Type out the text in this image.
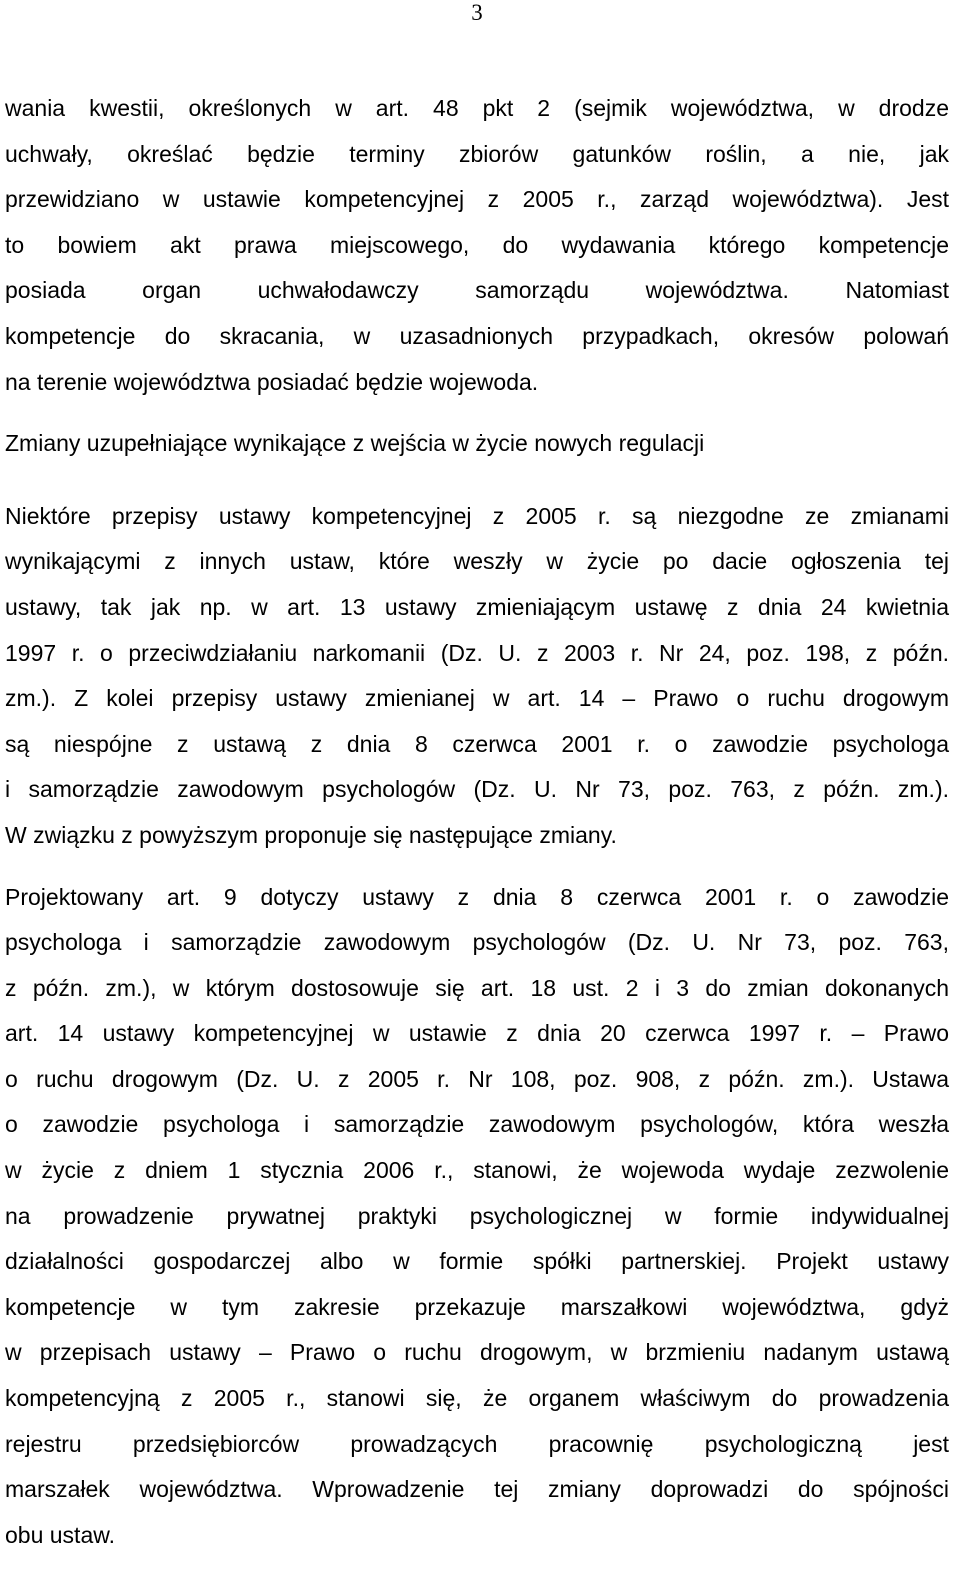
3
wania kwestii, określonych w art. 48 pkt 2 (sejmik województwa, w drodze
uchwały, określać będzie terminy zbiorów gatunków roślin, a nie, jak
przewidziano w ustawie kompetencyjnej z 2005 r., zarząd województwa). Jest
to bowiem akt prawa miejscowego, do wydawania którego kompetencje
posiada organ uchwałodawczy samorządu województwa. Natomiast
kompetencje do skracania, w uzasadnionych przypadkach, okresów polowań
na terenie województwa posiadać będzie wojewoda.
Zmiany uzupełniające wynikające z wejścia w życie nowych regulacji
Niektóre przepisy ustawy kompetencyjnej z 2005 r. są niezgodne ze zmianami
wynikającymi z innych ustaw, które weszły w życie po dacie ogłoszenia tej
ustawy, tak jak np. w art. 13 ustawy zmieniającym ustawę z dnia 24 kwietnia
1997 r. o przeciwdziałaniu narkomanii (Dz. U. z 2003 r. Nr 24, poz. 198, z późn.
zm.). Z kolei przepisy ustawy zmienianej w art. 14 – Prawo o ruchu drogowym
są niespójne z ustawą z dnia 8 czerwca 2001 r. o zawodzie psychologa
i samorządzie zawodowym psychologów (Dz. U. Nr 73, poz. 763, z późn. zm.).
W związku z powyższym proponuje się następujące zmiany.
Projektowany art. 9 dotyczy ustawy z dnia 8 czerwca 2001 r. o zawodzie
psychologa i samorządzie zawodowym psychologów (Dz. U. Nr 73, poz. 763,
z późn. zm.), w którym dostosowuje się art. 18 ust. 2 i 3 do zmian dokonanych
art. 14 ustawy kompetencyjnej w ustawie z dnia 20 czerwca 1997 r. – Prawo
o ruchu drogowym (Dz. U. z 2005 r. Nr 108, poz. 908, z późn. zm.). Ustawa
o zawodzie psychologa i samorządzie zawodowym psychologów, która weszła
w życie z dniem 1 stycznia 2006 r., stanowi, że wojewoda wydaje zezwolenie
na prowadzenie prywatnej praktyki psychologicznej w formie indywidualnej
działalności gospodarczej albo w formie spółki partnerskiej. Projekt ustawy
kompetencje w tym zakresie przekazuje marszałkowi województwa, gdyż
w przepisach ustawy – Prawo o ruchu drogowym, w brzmieniu nadanym ustawą
kompetencyjną z 2005 r., stanowi się, że organem właściwym do prowadzenia
rejestru przedsiębiorców prowadzących pracownię psychologiczną jest
marszałek województwa. Wprowadzenie tej zmiany doprowadzi do spójności
obu ustaw.
